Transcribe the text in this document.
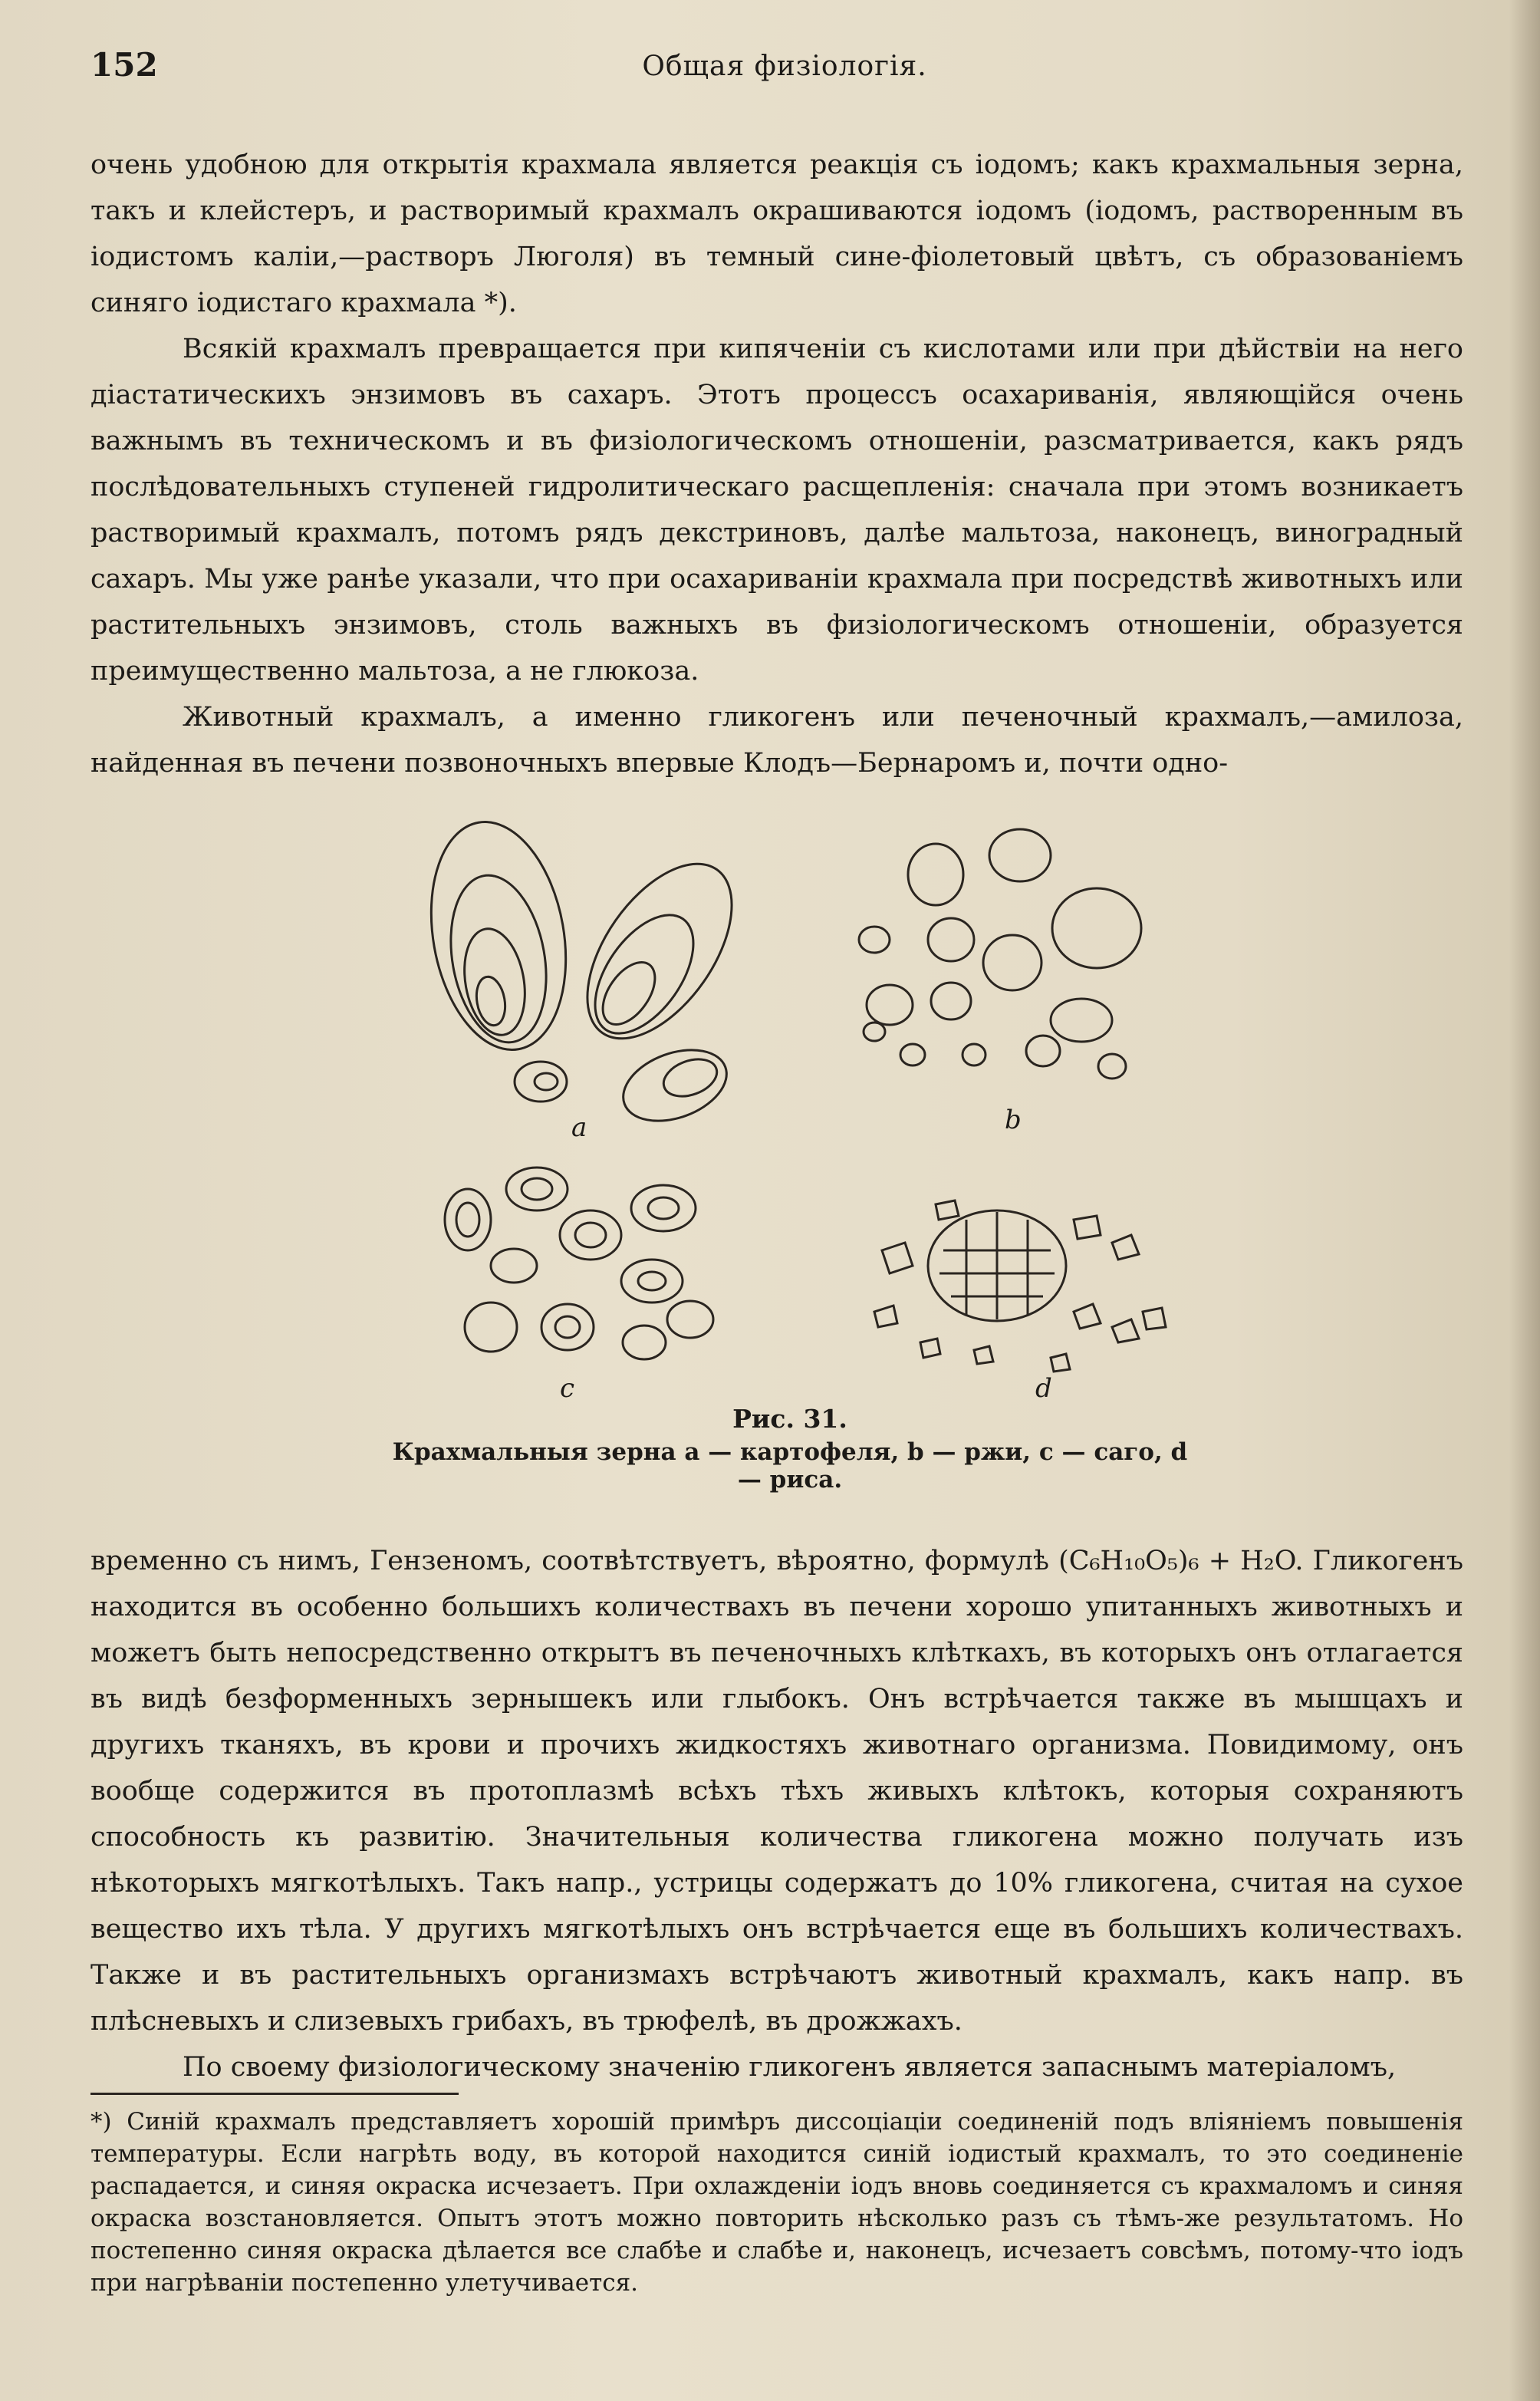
152	Общая физіологія.

очень удобною для открытія крахмала является реакція съ іодомъ; какъ крахмальныя зерна, такъ и клейстеръ, и растворимый крахмалъ окрашиваются іодомъ (іодомъ, растворенным въ іодистомъ каліи,—растворъ Люголя) въ темный сине-фіолетовый цвѣтъ, съ образованіемъ синяго іодистаго крахмала *).

Всякій крахмалъ превращается при кипяченіи съ кислотами или при дѣйствіи на него діастатическихъ энзимовъ въ сахаръ. Этотъ процессъ осахариванія, являющійся очень важнымъ въ техническомъ и въ физіологическомъ отношеніи, разсматривается, какъ рядъ послѣдовательныхъ ступеней гидролитическаго расщепленія: сначала при этомъ возникаетъ растворимый крахмалъ, потомъ рядъ декстриновъ, далѣе мальтоза, наконецъ, виноградный сахаръ. Мы уже ранѣе указали, что при осахариваніи крахмала при посредствѣ животныхъ или растительныхъ энзимовъ, столь важныхъ въ физіологическомъ отношеніи, образуется преимущественно мальтоза, а не глюкоза.

Животный крахмалъ, а именно гликогенъ или печеночный крахмалъ,—амилоза, найденная въ печени позвоночныхъ впервые Клодъ—Бернаромъ и, почти одно-

a	b
c	d
Рис. 31.
Крахмальныя зерна a — картофеля, b — ржи, c — саго, d — риса.

временно съ нимъ, Гензеномъ, соотвѣтствуетъ, вѣроятно, формулѣ (C₆H₁₀O₅)₆ + H₂O. Гликогенъ находится въ особенно большихъ количествахъ въ печени хорошо упитанныхъ животныхъ и можетъ быть непосредственно открытъ въ печеночныхъ клѣткахъ, въ которыхъ онъ отлагается въ видѣ безформенныхъ зернышекъ или глыбокъ. Онъ встрѣчается также въ мышцахъ и другихъ тканяхъ, въ крови и прочихъ жидкостяхъ животнаго организма. Повидимому, онъ вообще содержится въ протоплазмѣ всѣхъ тѣхъ живыхъ клѣтокъ, которыя сохраняютъ способность къ развитію. Значительныя количества гликогена можно получать изъ нѣкоторыхъ мягкотѣлыхъ. Такъ напр., устрицы содержатъ до 10% гликогена, считая на сухое вещество ихъ тѣла. У другихъ мягкотѣлыхъ онъ встрѣчается еще въ большихъ количествахъ. Также и въ растительныхъ организмахъ встрѣчаютъ животный крахмалъ, какъ напр. въ плѣсневыхъ и слизевыхъ грибахъ, въ трюфелѣ, въ дрожжахъ.

По своему физіологическому значенію гликогенъ является запаснымъ матеріаломъ,

*) Синій крахмалъ представляетъ хорошій примѣръ диссоціаціи соединеній подъ вліяніемъ повышенія температуры. Если нагрѣть воду, въ которой находится синій іодистый крахмалъ, то это соединеніе распадается, и синяя окраска исчезаетъ. При охлажденіи іодъ вновь соединяется съ крахмаломъ и синяя окраска возстановляется. Опытъ этотъ можно повторить нѣсколько разъ съ тѣмъ-же результатомъ. Но постепенно синяя окраска дѣлается все слабѣе и слабѣе и, наконецъ, исчезаетъ совсѣмъ, потому-что іодъ при нагрѣваніи постепенно улетучивается.
